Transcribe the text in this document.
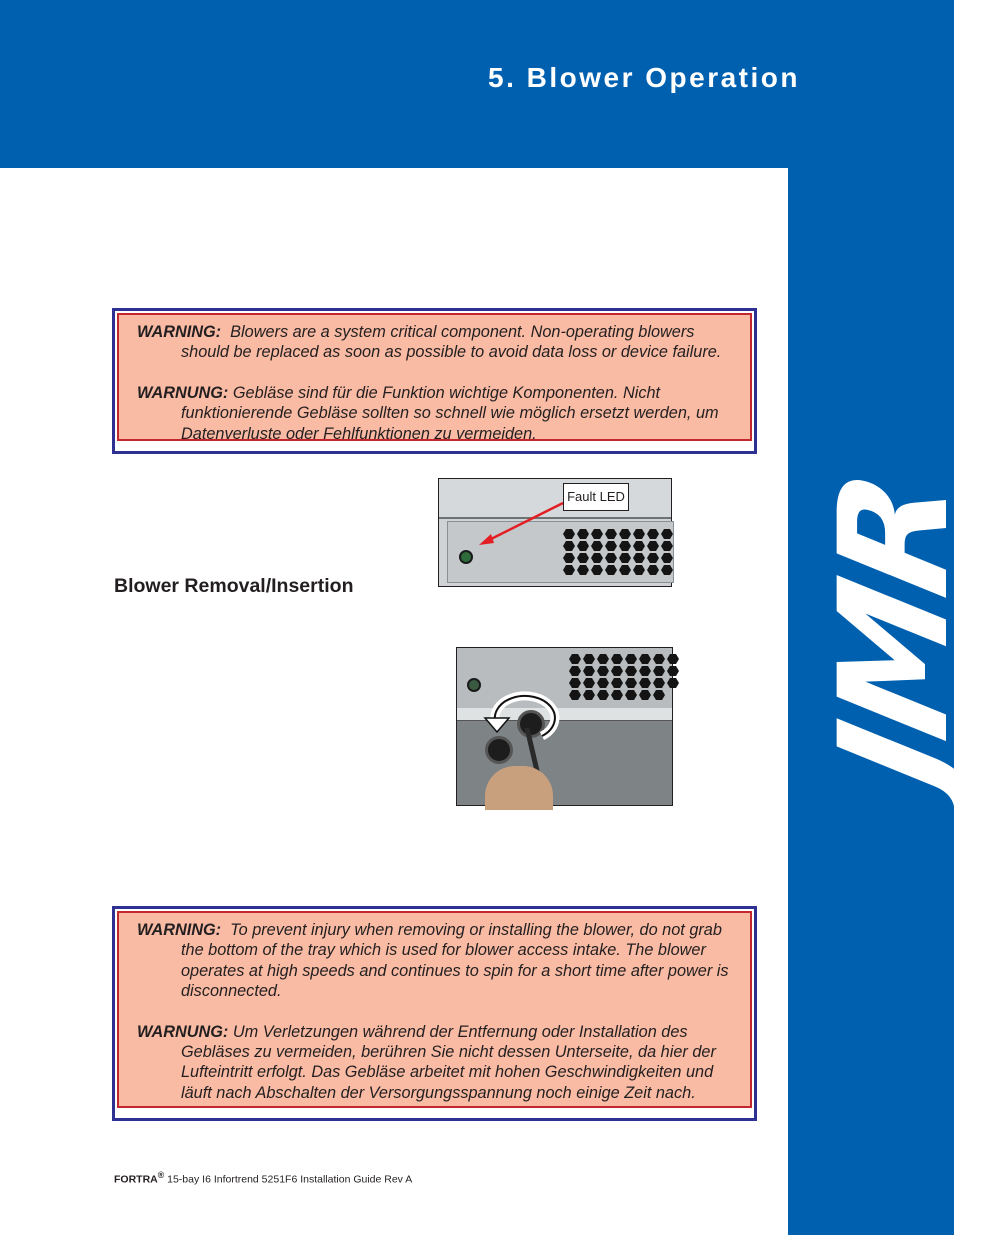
5. Blower Operation
JMR

WARNING: Blowers are a system critical component. Non-operating blowers should be replaced as soon as possible to avoid data loss or device failure.

WARNUNG: Gebläse sind für die Funktion wichtige Komponenten. Nicht funktionierende Gebläse sollten so schnell wie möglich ersetzt werden, um Datenverluste oder Fehlfunktionen zu vermeiden.

Fault LED
Blower Removal/Insertion

WARNING: To prevent injury when removing or installing the blower, do not grab the bottom of the tray which is used for blower access intake. The blower operates at high speeds and continues to spin for a short time after power is disconnected.

WARNUNG: Um Verletzungen während der Entfernung oder Installation des Gebläses zu vermeiden, berühren Sie nicht dessen Unterseite, da hier der Lufteintritt erfolgt. Das Gebläse arbeitet mit hohen Geschwindigkeiten und läuft nach Abschalten der Versorgungsspannung noch einige Zeit nach.

FORTRA® 15-bay I6 Infortrend 5251F6 Installation Guide Rev A
